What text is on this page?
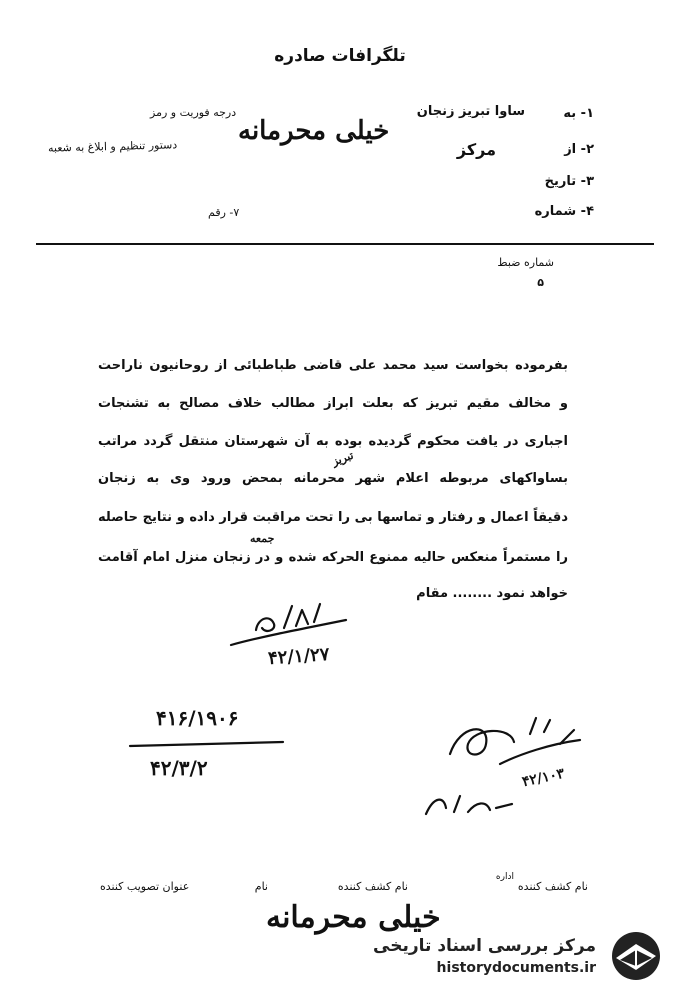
تلگرافات صادره
۱- به
ساوا تبریز زنجان
۲- از
مرکز
۳- تاریخ
۴- شماره
درجه فوریت و رمز
دستور تنظیم و ابلاغ به شعبه
۷- رقم
خیلی محرمانه
شماره ضبط
۵
بفرموده بخواست سید محمد علی قاضی طباطبائی از روحانیون ناراحت
و مخالف مقیم تبریز که بعلت ابراز مطالب خلاف مصالح به تشنجات
اجباری در یافت محکوم گردیده بوده به آن شهرستان منتقل گردد مراتب
بساواکهای مربوطه اعلام شهر محرمانه بمحض ورود وی به زنجان
دقیقاً اعمال و رفتار و تماسها بی را تحت مراقبت قرار داده و نتایج حاصله
را مستمراً منعکس حالیه ممنوع الحرکه شده و در زنجان منزل امام آقامت
تبریز
جمعه
خواهد نمود ........ مقام
۴۲/۱/۲۷
۴۱۶/۱۹۰۶
۴۲/۳/۲	۴۲/۱۰۳
نام کشف کننده
اداره
نام کشف کننده
نام
عنوان تصویب کننده
خیلی محرمانه
مرکز بررسی اسناد تاریخی
historydocuments.ir
